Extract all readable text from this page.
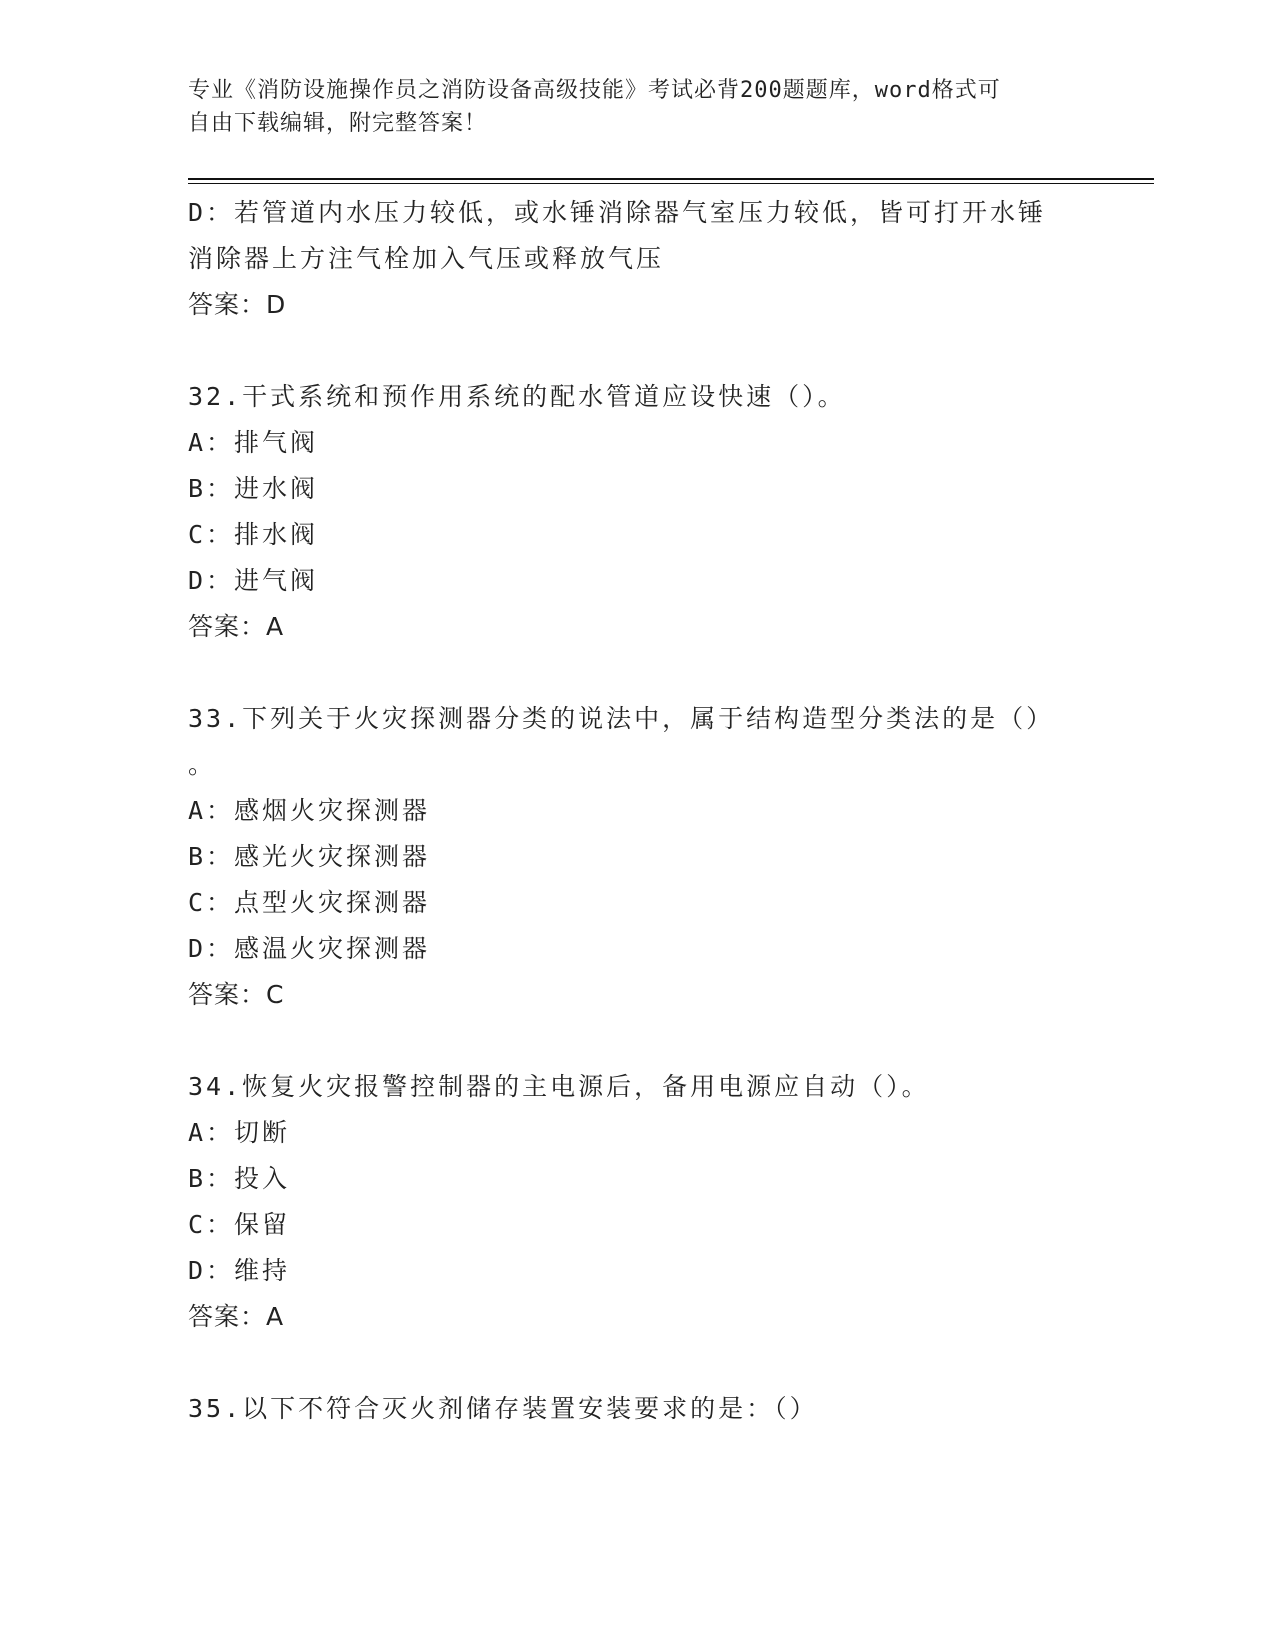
专业《消防设施操作员之消防设备高级技能》考试必背200题题库，word格式可
自由下载编辑，附完整答案！
D：若管道内水压力较低，或水锤消除器气室压力较低，皆可打开水锤
消除器上方注气栓加入气压或释放气压
答案：D
32.干式系统和预作用系统的配水管道应设快速（）。
A：排气阀
B：进水阀
C：排水阀
D：进气阀
答案：A
33.下列关于火灾探测器分类的说法中，属于结构造型分类法的是（）
。
A：感烟火灾探测器
B：感光火灾探测器
C：点型火灾探测器
D：感温火灾探测器
答案：C
34.恢复火灾报警控制器的主电源后，备用电源应自动（）。
A：切断
B：投入
C：保留
D：维持
答案：A
35.以下不符合灭火剂储存装置安装要求的是：（）
